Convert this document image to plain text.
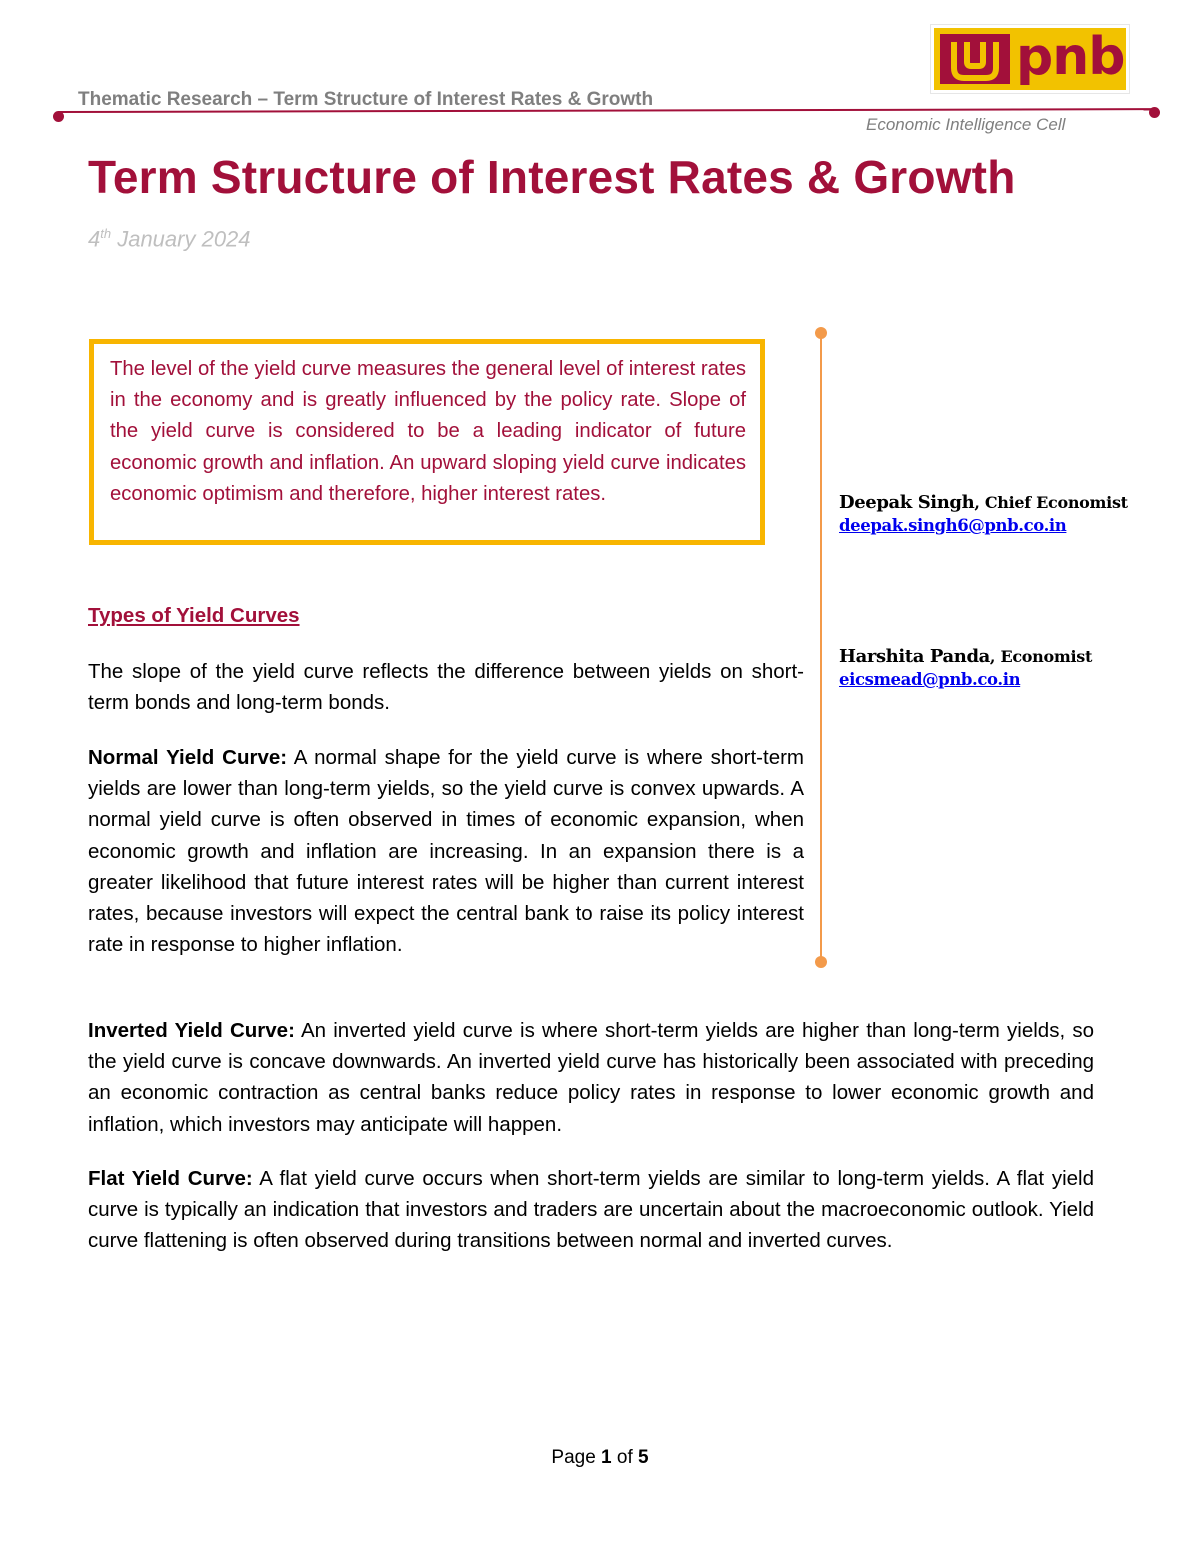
pnb
Thematic Research – Term Structure of Interest Rates & Growth
Economic Intelligence Cell
Term Structure of Interest Rates & Growth
4th January 2024

The level of the yield curve measures the general level of interest rates in the economy and is greatly influenced by the policy rate. Slope of the yield curve is considered to be a leading indicator of future economic growth and inflation. An upward sloping yield curve indicates economic optimism and therefore, higher interest rates.	Deepak Singh, Chief Economist
deepak.singh6@pnb.co.in
Harshita Panda, Economist
eicsmead@pnb.co.in
Types of Yield Curves

The slope of the yield curve reflects the difference between yields on short-term bonds and long-term bonds.

Normal Yield Curve: A normal shape for the yield curve is where short-term yields are lower than long-term yields, so the yield curve is convex upwards. A normal yield curve is often observed in times of economic expansion, when economic growth and inflation are increasing. In an expansion there is a greater likelihood that future interest rates will be higher than current interest rates, because investors will expect the central bank to raise its policy interest rate in response to higher inflation.

Inverted Yield Curve: An inverted yield curve is where short-term yields are higher than long-term yields, so the yield curve is concave downwards. An inverted yield curve has historically been associated with preceding an economic contraction as central banks reduce policy rates in response to lower economic growth and inflation, which investors may anticipate will happen.

Flat Yield Curve: A flat yield curve occurs when short-term yields are similar to long-term yields. A flat yield curve is typically an indication that investors and traders are uncertain about the macroeconomic outlook. Yield curve flattening is often observed during transitions between normal and inverted curves.

Page 1 of 5
